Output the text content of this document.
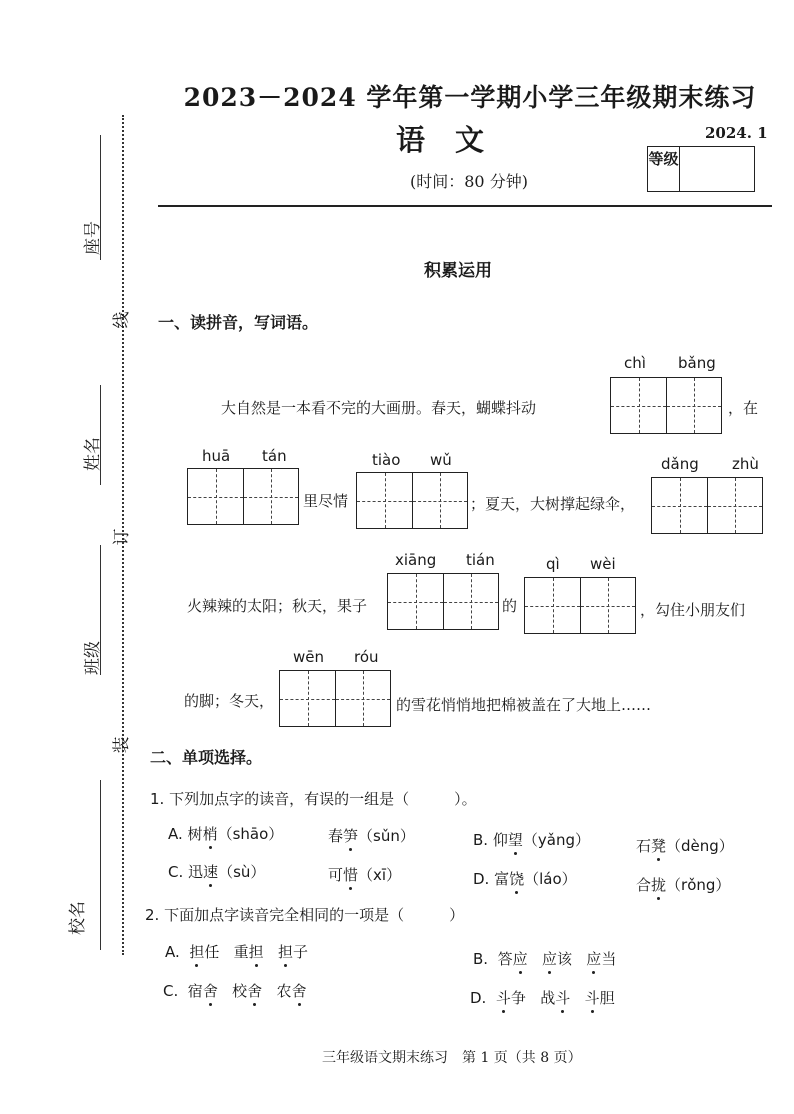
线
订
装
座号
姓名
班级
校名
2023－2024 学年第一学期小学三年级期末练习
语文	2024. 1
(时间：80 分钟)
等级
积累运用
一、读拼音，写词语。
chì bǎng
大自然是一本看不完的大画册。春天，蝴蝶抖动	，在
huā tán
里尽情
tiào wǔ
；夏天，大树撑起绿伞，
dǎng zhù
火辣辣的太阳；秋天，果子
xiāng tián
的
qì wèi
，勾住小朋友们
wēn róu
的脚；冬天，	的雪花悄悄地把棉被盖在了大地上……
二、单项选择。
1. 下列加点字的读音，有误的一组是（　　　）。
A. 树梢（shāo）	春笋（sǔn）	B. 仰望（yǎng）	石凳（dèng）
C. 迅速（sù）	可惜（xī）	D. 富饶（láo）	合拢（rǒng）
2. 下面加点字读音完全相同的一项是（　　　）
A. 担任 重担 担子	B. 答应 应该 应当
C. 宿舍 校舍 农舍	D. 斗争 战斗 斗胆
三年级语文期末练习　第 1 页（共 8 页）
